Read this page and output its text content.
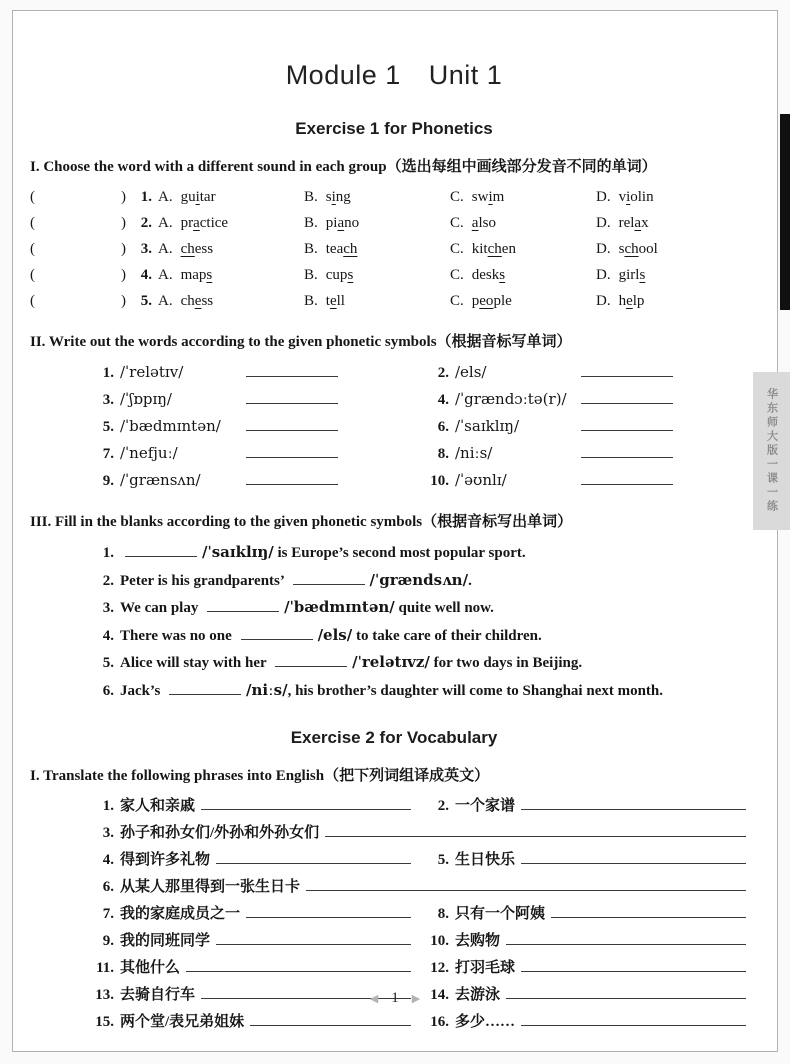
华东师大版一课一练
Module 1 Unit 1
Exercise 1 for Phonetics
I. Choose the word with a different sound in each group（选出每组中画线部分发音不同的单词）
(	) 1. A. guitar	B. sing	C. swim	D. violin
(	) 2. A. practice	B. piano	C. also	D. relax
(	) 3. A. chess	B. teach	C. kitchen	D. school
(	) 4. A. maps	B. cups	C. desks	D. girls
(	) 5. A. chess	B. tell	C. people	D. help
II. Write out the words according to the given phonetic symbols（根据音标写单词）
1. /ˈrelətɪv/	2. /els/
3. /ˈʃɒpɪŋ/	4. /ˈgrændɔːtə(r)/
5. /ˈbædmɪntən/	6. /ˈsaɪklɪŋ/
7. /ˈnefjuː/	8. /niːs/
9. /ˈgrænsʌn/	10. /ˈəʊnlɪ/
III. Fill in the blanks according to the given phonetic symbols（根据音标写出单词）
1.	/ˈsaɪklɪŋ/ is Europe’s second most popular sport.
2. Peter is his grandparents’	/ˈgrændsʌn/.
3. We can play	/ˈbædmɪntən/ quite well now.
4. There was no one	/els/ to take care of their children.
5. Alice will stay with her	/ˈrelətɪvz/ for two days in Beijing.
6. Jack’s	/niːs/, his brother’s daughter will come to Shanghai next month.
Exercise 2 for Vocabulary
I. Translate the following phrases into English（把下列词组译成英文）
1. 家人和亲戚	2. 一个家谱
3. 孙子和孙女们/外孙和外孙女们
4. 得到许多礼物	5. 生日快乐
6. 从某人那里得到一张生日卡
7. 我的家庭成员之一	8. 只有一个阿姨
9. 我的同班同学	10. 去购物
11. 其他什么	12. 打羽毛球
13. 去骑自行车	14. 去游泳
15. 两个堂/表兄弟姐妹	16. 多少……
◀ 1 ▶
